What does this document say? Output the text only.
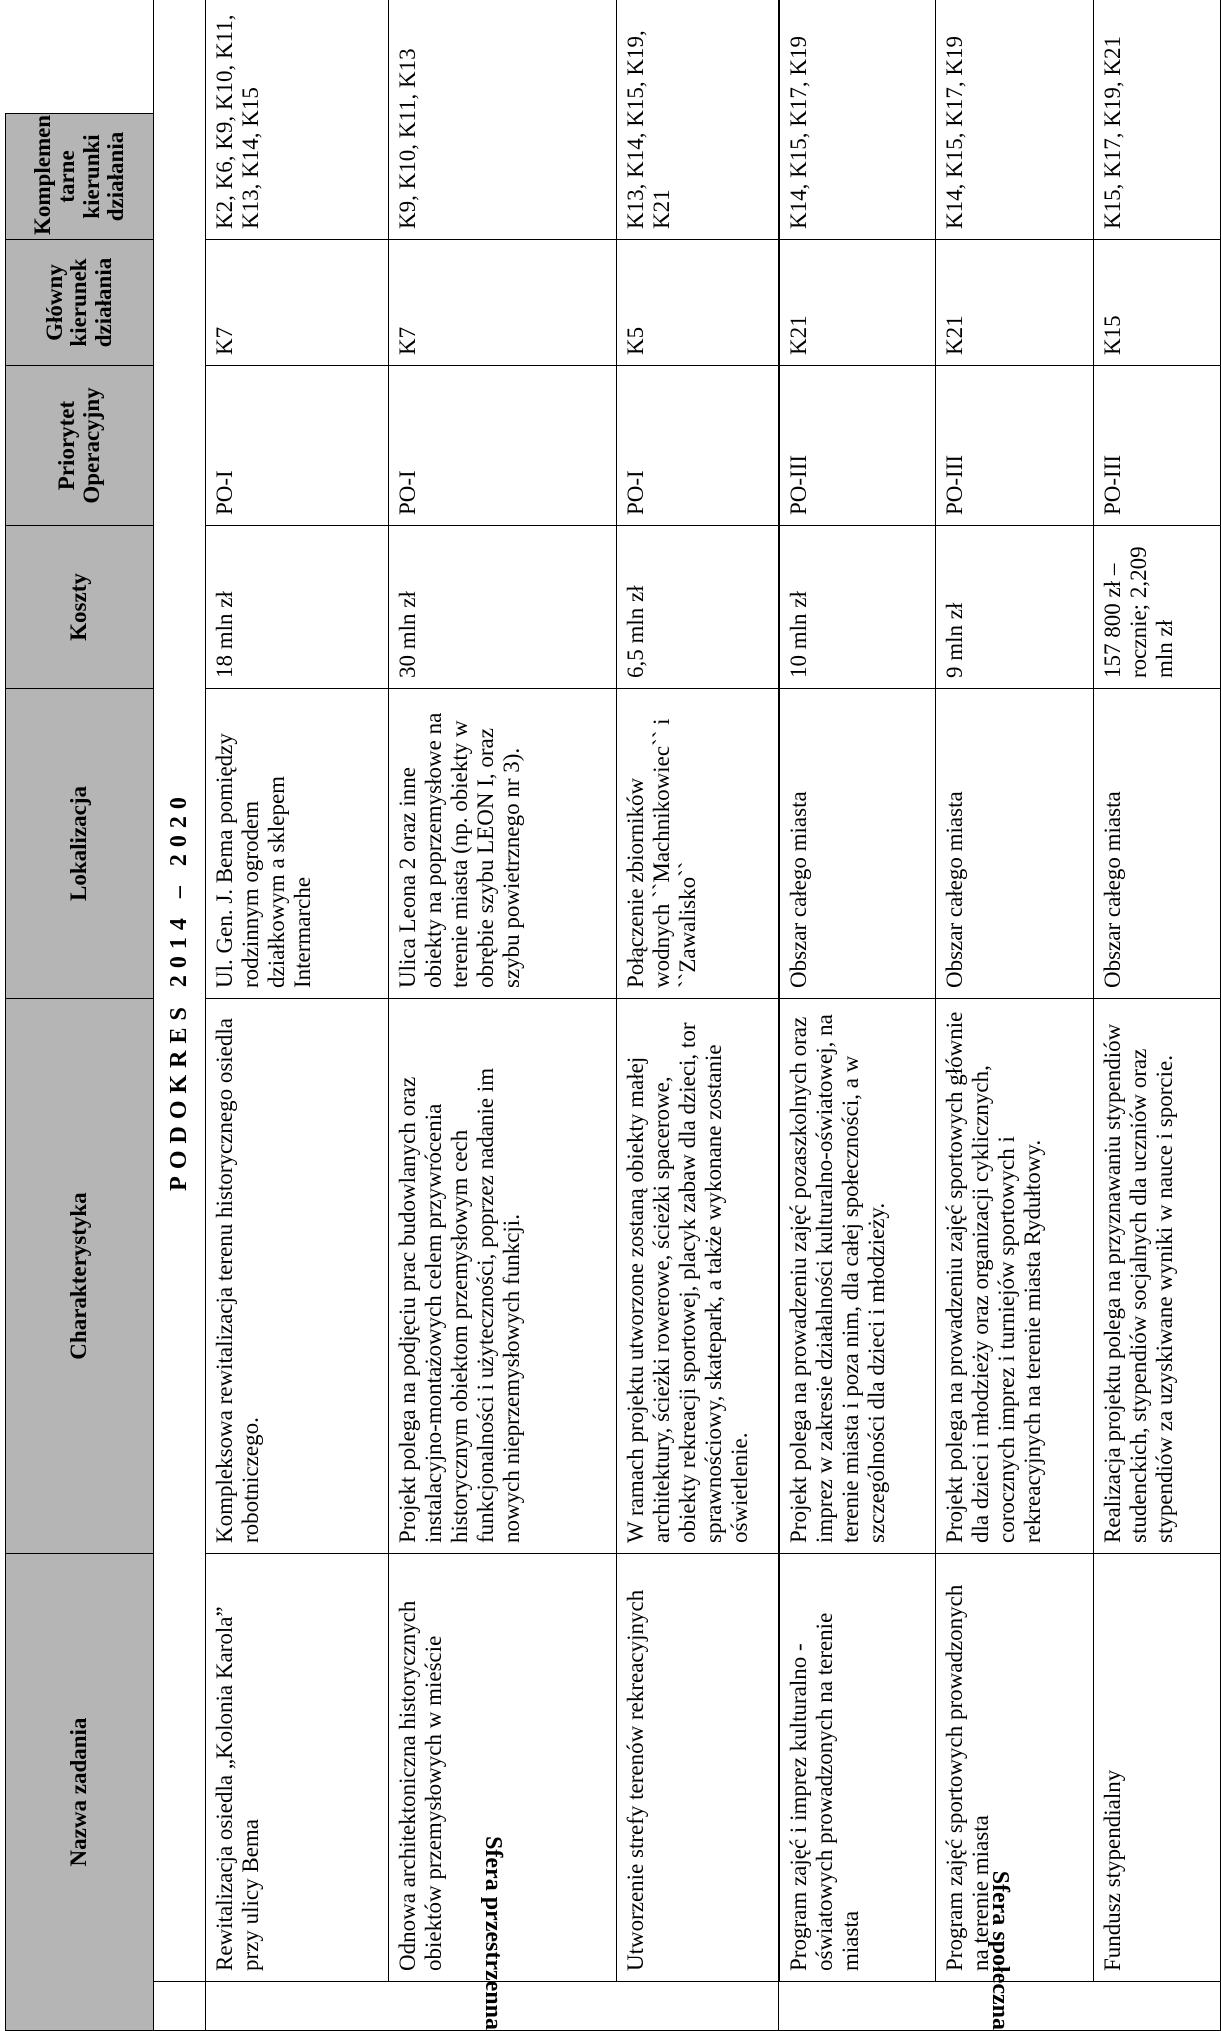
Nazwa zadania		Charakterystyka	Lokalizacja	Koszty	Priorytet Operacyjny	Główny kierunek działania	Komplemen tarne kierunki działania

	PODOKRES 2014 – 2020						
Sfera przestrzenna	Rewitalizacja osiedla „Kolonia Karola” przy ulicy Bema	Kompleksowa rewitalizacja terenu historycznego osiedla robotniczego.	Ul. Gen. J. Bema pomiędzy rodzinnym ogrodem działkowym a sklepem Intermarche	18 mln zł	PO-I	K7	K2, K6, K9, K10, K11, K13, K14, K15
	Odnowa architektoniczna historycznych obiektów przemysłowych w mieście	Projekt polega na podjęciu prac budowlanych oraz instalacyjno-montażowych celem przywrócenia historycznym obiektom przemysłowym cech funkcjonalności i użyteczności, poprzez nadanie im nowych nieprzemysłowych funkcji.	Ulica Leona 2 oraz inne obiekty na poprzemysłowe na terenie miasta (np. obiekty w obrębie szybu LEON I, oraz szybu powietrznego nr 3).	30 mln zł	PO-I	K7	K9, K10, K11, K13
	Utworzenie strefy terenów rekreacyjnych	W ramach projektu utworzone zostaną obiekty małej architektury, ścieżki rowerowe, ścieżki spacerowe, obiekty rekreacji sportowej, placyk zabaw dla dzieci, tor sprawnościowy, skatepark, a także wykonane zostanie oświetlenie.	Połączenie zbiorników wodnych ``Machnikowiec`` i ``Zawalisko``	6,5 mln zł	PO-I	K5	K13, K14, K15, K19, K21
Sfera społeczna	Program zajęć i imprez kulturalno - oświatowych prowadzonych na terenie miasta	Projekt polega na prowadzeniu zajęć pozaszkolnych oraz imprez w zakresie działalności kulturalno-oświatowej, na terenie miasta i poza nim, dla całej społeczności, a w szczególności dla dzieci i młodzieży.	Obszar całego miasta	10 mln zł	PO-III	K21	K14, K15, K17, K19
	Program zajęć sportowych prowadzonych na terenie miasta	Projekt polega na prowadzeniu zajęć sportowych głównie dla dzieci i młodzieży oraz organizacji cyklicznych, corocznych imprez i turniejów sportowych i rekreacyjnych na terenie miasta Rydułtowy.	Obszar całego miasta	9 mln zł	PO-III	K21	K14, K15, K17, K19
	Fundusz stypendialny	Realizacja projektu polega na przyznawaniu stypendiów studenckich, stypendiów socjalnych dla uczniów oraz stypendiów za uzyskiwane wyniki w nauce i sporcie.	Obszar całego miasta	157 800 zł – rocznie; 2,209 mln zł	PO-III	K15	K15, K17, K19, K21
